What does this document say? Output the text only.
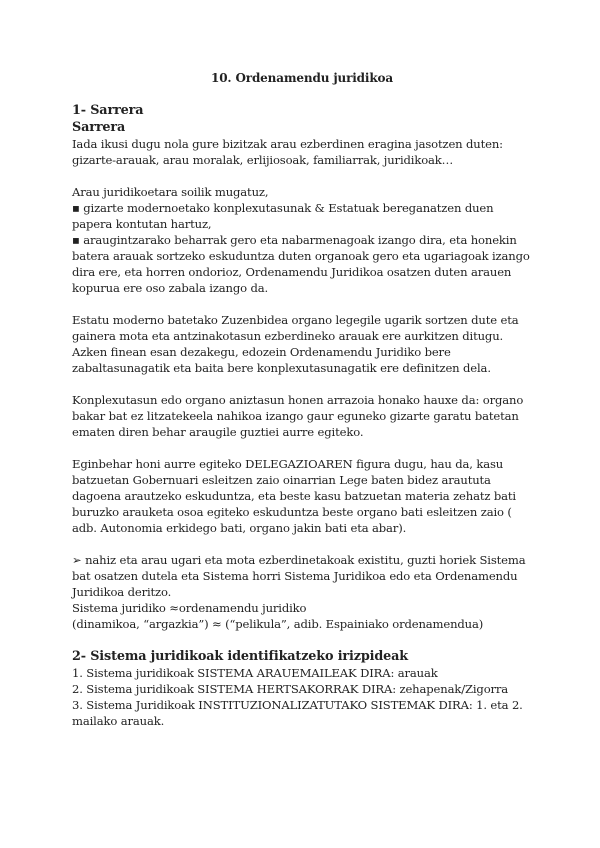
10. Ordenamendu juridikoa
1- Sarrera
Sarrera

Iada ikusi dugu nola gure bizitzak arau ezberdinen eragina jasotzen duten: gizarte-arauak, arau moralak, erlijiosoak, familiarrak, juridikoak…

Arau juridikoetara soilik mugatuz,

▪ gizarte modernoetako konplexutasunak & Estatuak bereganatzen duen papera kontutan hartuz,

▪ araugintzarako beharrak gero eta nabarmenagoak izango dira, eta honekin batera arauak sortzeko eskuduntza duten organoak gero eta ugariagoak izango dira ere, eta horren ondorioz, Ordenamendu Juridikoa osatzen duten arauen kopurua ere oso zabala izango da.

Estatu moderno batetako Zuzenbidea organo legegile ugarik sortzen dute eta gainera mota eta antzinakotasun ezberdineko arauak ere aurkitzen ditugu. Azken finean esan dezakegu, edozein Ordenamendu Juridiko bere zabaltasunagatik eta baita bere konplexutasunagatik ere definitzen dela.

Konplexutasun edo organo aniztasun honen arrazoia honako hauxe da: organo bakar bat ez litzatekeela nahikoa izango gaur eguneko gizarte garatu batetan ematen diren behar araugile guztiei aurre egiteko.

Eginbehar honi aurre egiteko DELEGAZIOAREN figura dugu, hau da, kasu batzuetan Gobernuari esleitzen zaio oinarrian Lege baten bidez araututa dagoena arautzeko eskuduntza, eta beste kasu batzuetan materia zehatz bati buruzko arauketa osoa egiteko eskuduntza beste organo bati esleitzen zaio ( adb. Autonomia erkidego bati, organo jakin bati eta abar).

➢ nahiz eta arau ugari eta mota ezberdinetakoak existitu, guzti horiek Sistema bat osatzen dutela eta Sistema horri Sistema Juridikoa edo eta Ordenamendu Juridikoa deritzo.

Sistema juridiko ≈ordenamendu juridiko

(dinamikoa, “argazkia”) ≈ (“pelikula”, adib. Espainiako ordenamendua)

2- Sistema juridikoak identifikatzeko irizpideak

1. Sistema juridikoak SISTEMA ARAUEMAILEAK DIRA: arauak

2. Sistema juridikoak SISTEMA HERTSAKORRAK DIRA: zehapenak/Zigorra

3. Sistema Juridikoak INSTITUZIONALIZATUTAKO SISTEMAK DIRA: 1. eta 2. mailako arauak.
